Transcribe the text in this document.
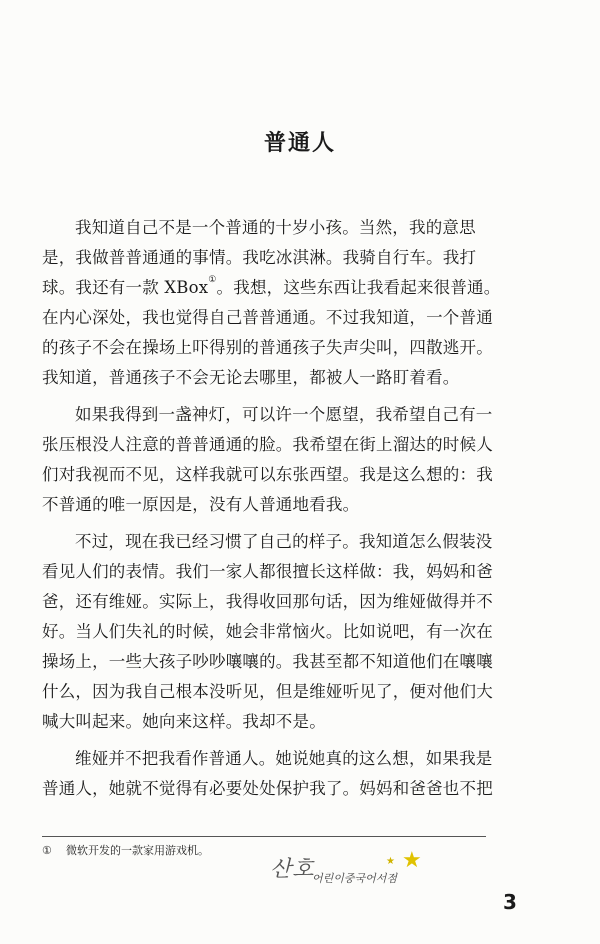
普通人
我知道自己不是一个普通的十岁小孩。当然，我的意思
是，我做普普通通的事情。我吃冰淇淋。我骑自行车。我打
球。我还有一款 XBox①。我想，这些东西让我看起来很普通。
在内心深处，我也觉得自己普普通通。不过我知道，一个普通
的孩子不会在操场上吓得别的普通孩子失声尖叫，四散逃开。
我知道，普通孩子不会无论去哪里，都被人一路盯着看。
如果我得到一盏神灯，可以许一个愿望，我希望自己有一
张压根没人注意的普普通通的脸。我希望在街上溜达的时候人
们对我视而不见，这样我就可以东张西望。我是这么想的：我
不普通的唯一原因是，没有人普通地看我。
不过，现在我已经习惯了自己的样子。我知道怎么假装没
看见人们的表情。我们一家人都很擅长这样做：我，妈妈和爸
爸，还有维娅。实际上，我得收回那句话，因为维娅做得并不
好。当人们失礼的时候，她会非常恼火。比如说吧，有一次在
操场上，一些大孩子吵吵嚷嚷的。我甚至都不知道他们在嚷嚷
什么，因为我自己根本没听见，但是维娅听见了，便对他们大
喊大叫起来。她向来这样。我却不是。
维娅并不把我看作普通人。她说她真的这么想，如果我是
普通人，她就不觉得有必要处处保护我了。妈妈和爸爸也不把
① 微软开发的一款家用游戏机。
산호
어린이중국어서점
★ ★
3
